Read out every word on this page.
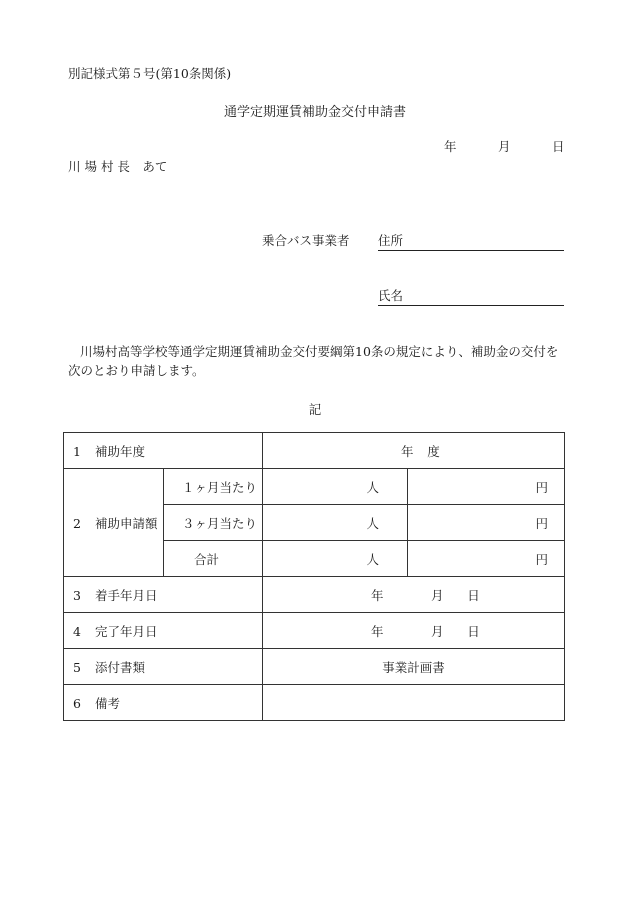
別記様式第５号(第10条関係)
通学定期運賃補助金交付申請書
年	月	日
川 場 村 長　あて
乗合バス事業者 住所
氏名
川場村高等学校等通学定期運賃補助金交付要綱第10条の規定により、補助金の交付を次のとおり申請します。
記
1 補助年度		年 度	
2 補助申請額	１ヶ月当たり	人	円
	３ヶ月当たり	人	円
	合計	人	円
3 着手年月日		年 月 日	
4 完了年月日		年 月 日	
5 添付書類		事業計画書	
6 備考			
